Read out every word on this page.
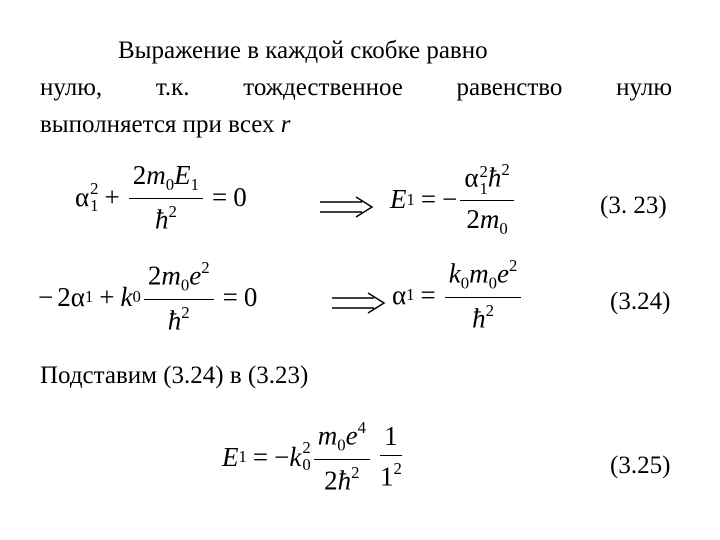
Выражение в каждой скобке равно
нулю, т.к. тождественное равенство нулю
выполняется при всех r
α 2
$1 + \frac{2m_0E_1}{ħ^2} = 0$	E 1 = − α 2
1 $ħ^2$
$2m_0$	(3. 23)
− 2α 1 + k $0 \frac{2m_0e^2}{ħ^2} = 0$	α $1 = \frac{k_0m_0e^2}{ħ^2}$	(3.24)
Подставим (3.24) в (3.23)
E 1 = − k 2
$0 \frac{m_0e^4}{2ħ^2} \frac{1}{1^2}$	(3.25)
